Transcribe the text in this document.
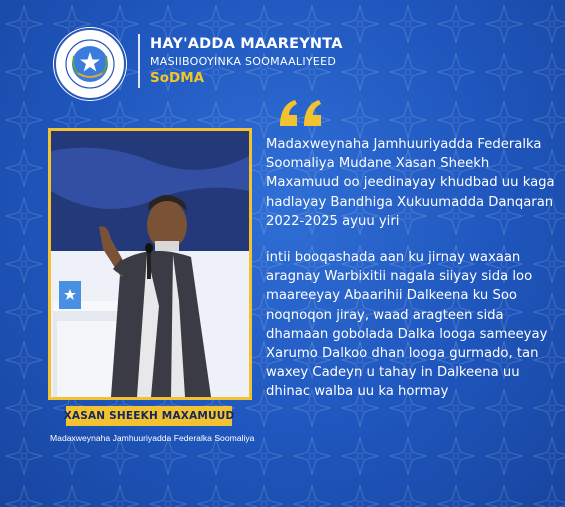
HAY'ADDA MAAREYNTA
MASIIBOOYINKA SOOMAALIYEED
SoDMA

Madaxweynaha Jamhuuriyadda Federalka Soomaliya Mudane Xasan Sheekh Maxamuud oo jeedinayay khudbad uu kaga hadlayay Bandhiga Xukuumadda Danqaran 2022-2025 ayuu yiri

intii booqashada aan ku jirnay waxaan aragnay Warbixitii nagala siiyay sida loo maareeyay Abaarihii Dalkeena ku Soo noqnoqon jiray, waad aragteen sida dhamaan gobolada Dalka looga sameeyay Xarumo Dalkoo dhan looga gurmado, tan waxey Cadeyn u tahay in Dalkeena uu dhinac walba uu ka hormay

XASAN SHEEKH MAXAMUUD
Madaxweynaha Jamhuuriyadda Federalka Soomaliya
